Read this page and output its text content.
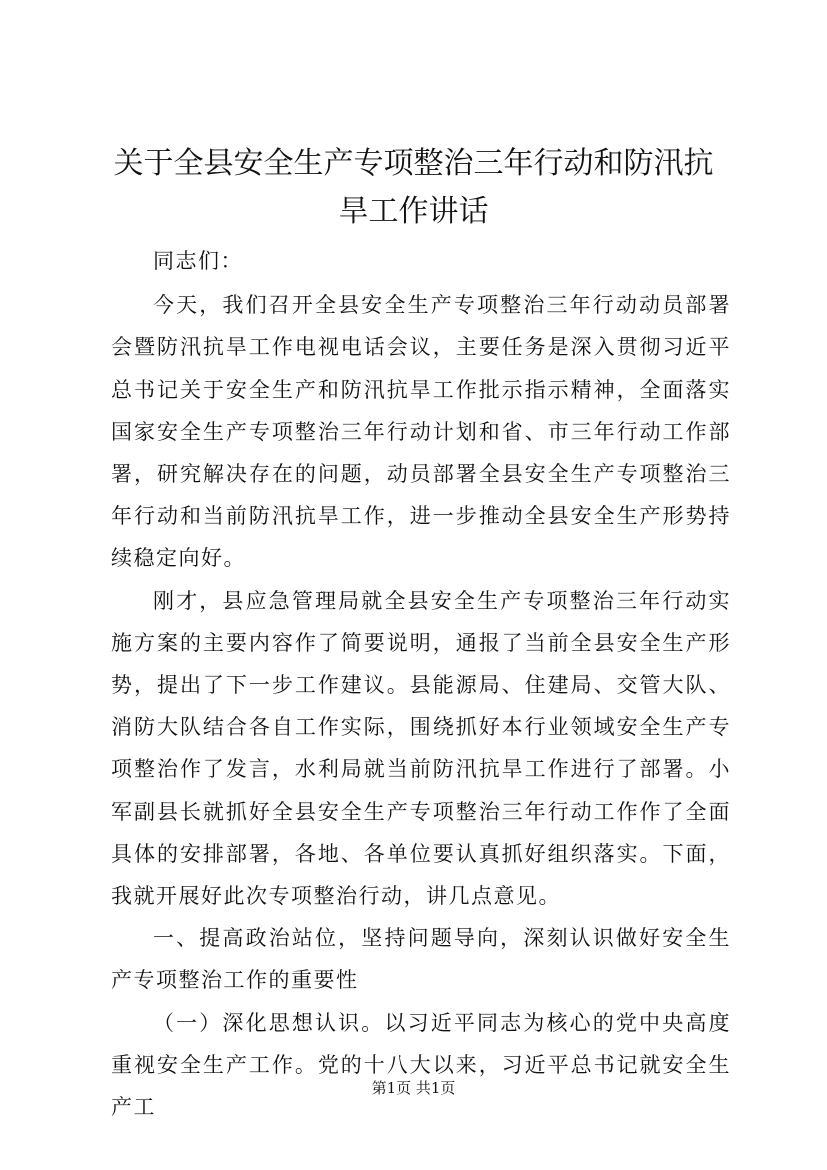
关于全县安全生产专项整治三年行动和防汛抗
旱工作讲话

同志们：

今天，我们召开全县安全生产专项整治三年行动动员部署会暨防汛抗旱工作电视电话会议，主要任务是深入贯彻习近平总书记关于安全生产和防汛抗旱工作批示指示精神，全面落实国家安全生产专项整治三年行动计划和省、市三年行动工作部署，研究解决存在的问题，动员部署全县安全生产专项整治三年行动和当前防汛抗旱工作，进一步推动全县安全生产形势持续稳定向好。

刚才，县应急管理局就全县安全生产专项整治三年行动实施方案的主要内容作了简要说明，通报了当前全县安全生产形势，提出了下一步工作建议。县能源局、住建局、交管大队、消防大队结合各自工作实际，围绕抓好本行业领域安全生产专项整治作了发言，水利局就当前防汛抗旱工作进行了部署。小军副县长就抓好全县安全生产专项整治三年行动工作作了全面具体的安排部署，各地、各单位要认真抓好组织落实。下面，我就开展好此次专项整治行动，讲几点意见。

一、提高政治站位，坚持问题导向，深刻认识做好安全生产专项整治工作的重要性

（一）深化思想认识。以习近平同志为核心的党中央高度重视安全生产工作。党的十八大以来，习近平总书记就安全生产工

第1页 共1页
